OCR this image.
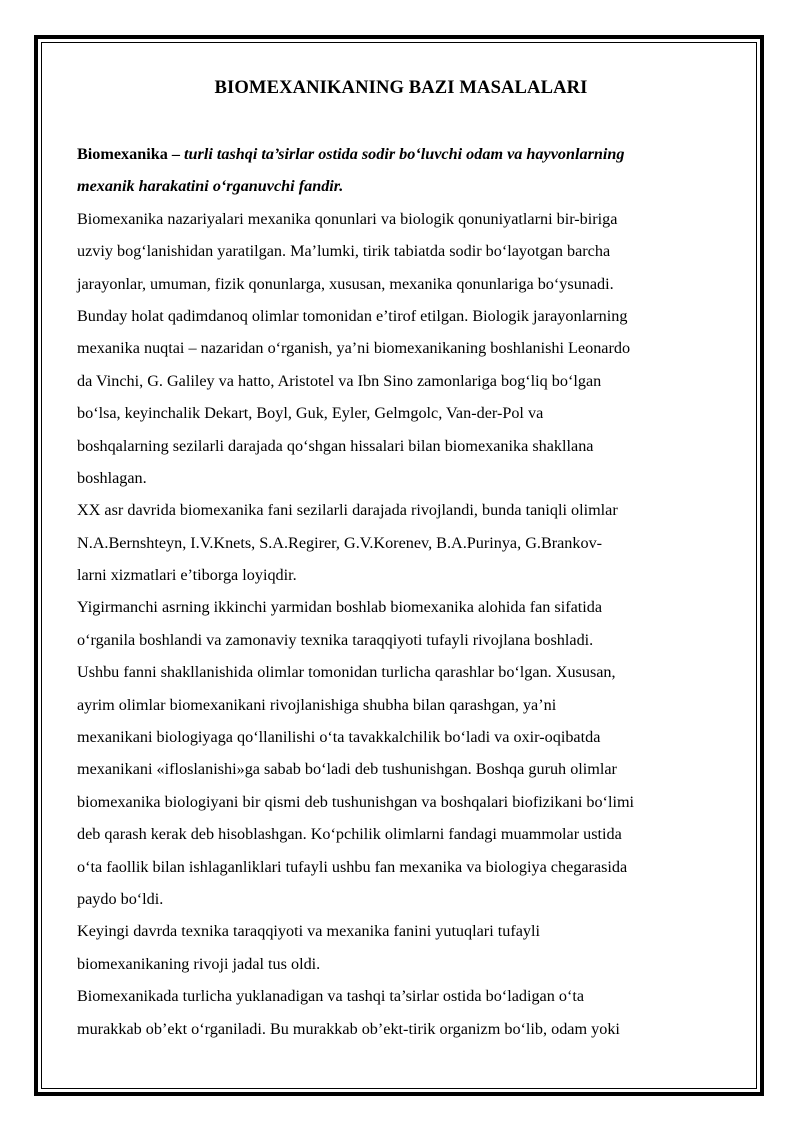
BIOMEXANIKANING BAZI MASALALARI
Biomexanika – turli tashqi ta’sirlar ostida sodir bo‘luvchi odam va hayvonlarning
mexanik harakatini o‘rganuvchi fandir.
Biomexanika nazariyalari mexanika qonunlari va biologik qonuniyatlarni bir-biriga
uzviy bog‘lanishidan yaratilgan. Ma’lumki, tirik tabiatda sodir bo‘layotgan barcha
jarayonlar, umuman, fizik qonunlarga, xususan, mexanika qonunlariga bo‘ysunadi.
Bunday holat qadimdanoq olimlar tomonidan e’tirof etilgan. Biologik jarayonlarning
mexanika nuqtai – nazaridan o‘rganish, ya’ni biomexanikaning boshlanishi Leonardo
da Vinchi, G. Galiley va hatto, Aristotel va Ibn Sino zamonlariga bog‘liq bo‘lgan
bo‘lsa, keyinchalik Dekart, Boyl, Guk, Eyler, Gelmgolc, Van-der-Pol va
boshqalarning sezilarli darajada qo‘shgan hissalari bilan biomexanika shakllana
boshlagan.
XX asr davrida biomexanika fani sezilarli darajada rivojlandi, bunda taniqli olimlar
N.A.Bernshteyn, I.V.Knets, S.A.Regirer, G.V.Korenev, B.A.Purinya, G.Brankov-
larni xizmatlari e’tiborga loyiqdir.
Yigirmanchi asrning ikkinchi yarmidan boshlab biomexanika alohida fan sifatida
o‘rganila boshlandi va zamonaviy texnika taraqqiyoti tufayli rivojlana boshladi.
Ushbu fanni shakllanishida olimlar tomonidan turlicha qarashlar bo‘lgan. Xususan,
ayrim olimlar biomexanikani rivojlanishiga shubha bilan qarashgan, ya’ni
mexanikani biologiyaga qo‘llanilishi o‘ta tavakkalchilik bo‘ladi va oxir-oqibatda
mexanikani «ifloslanishi»ga sabab bo‘ladi deb tushunishgan. Boshqa guruh olimlar
biomexanika biologiyani bir qismi deb tushunishgan va boshqalari biofizikani bo‘limi
deb qarash kerak deb hisoblashgan. Ko‘pchilik olimlarni fandagi muammolar ustida
o‘ta faollik bilan ishlaganliklari tufayli ushbu fan mexanika va biologiya chegarasida
paydo bo‘ldi.
Keyingi davrda texnika taraqqiyoti va mexanika fanini yutuqlari tufayli
biomexanikaning rivoji jadal tus oldi.
Biomexanikada turlicha yuklanadigan va tashqi ta’sirlar ostida bo‘ladigan o‘ta
murakkab ob’ekt o‘rganiladi. Bu murakkab ob’ekt-tirik organizm bo‘lib, odam yoki
